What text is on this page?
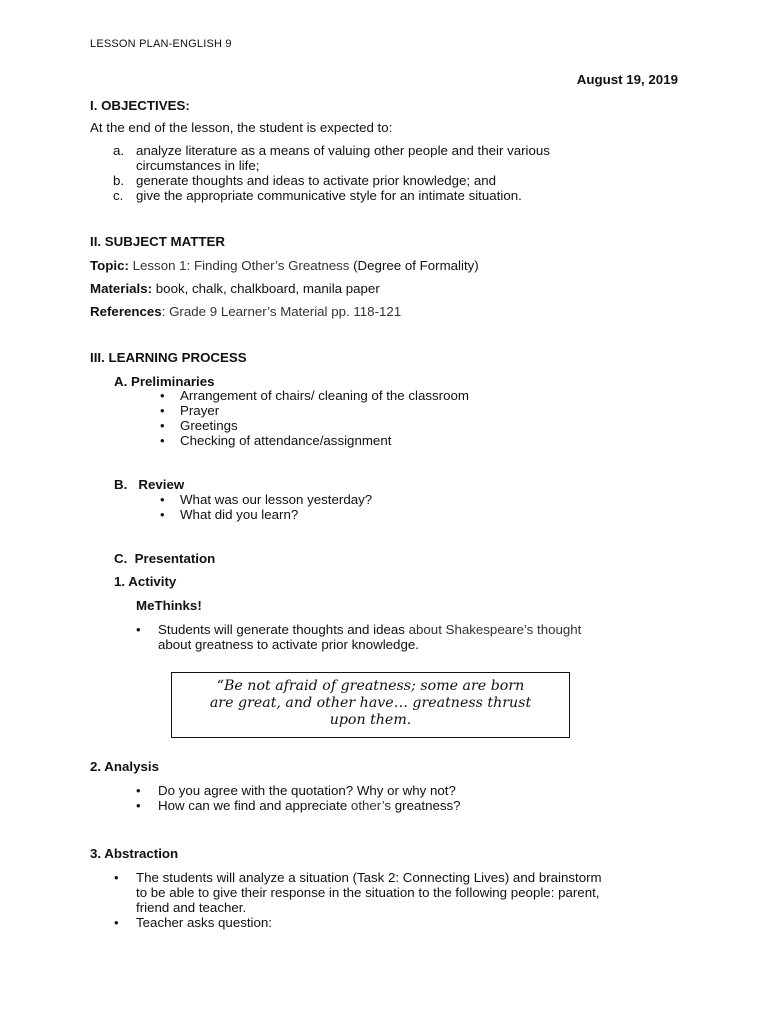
LESSON PLAN-ENGLISH 9
August 19, 2019
I. OBJECTIVES:
At the end of the lesson, the student is expected to:
a. analyze literature as a means of valuing other people and their various
circumstances in life;
b. generate thoughts and ideas to activate prior knowledge; and
c. give the appropriate communicative style for an intimate situation.
II. SUBJECT MATTER
Topic: Lesson 1: Finding Other’s Greatness (Degree of Formality)
Materials: book, chalk, chalkboard, manila paper
References: Grade 9 Learner’s Material pp. 118-121
III. LEARNING PROCESS
A. Preliminaries
•	Arrangement of chairs/ cleaning of the classroom
•	Prayer
•	Greetings
•	Checking of attendance/assignment
B.   Review
•	What was our lesson yesterday?
•	What did you learn?
C.  Presentation
1. Activity
MeThinks!
•	Students will generate thoughts and ideas about Shakespeare’s thought
about greatness to activate prior knowledge.
“Be not afraid of greatness; some are born
are great, and other have… greatness thrust
upon them.
2. Analysis
•	Do you agree with the quotation? Why or why not?
•	How can we find and appreciate other’s greatness?
3. Abstraction
•	The students will analyze a situation (Task 2: Connecting Lives) and brainstorm
to be able to give their response in the situation to the following people: parent,
friend and teacher.
•	Teacher asks question:
